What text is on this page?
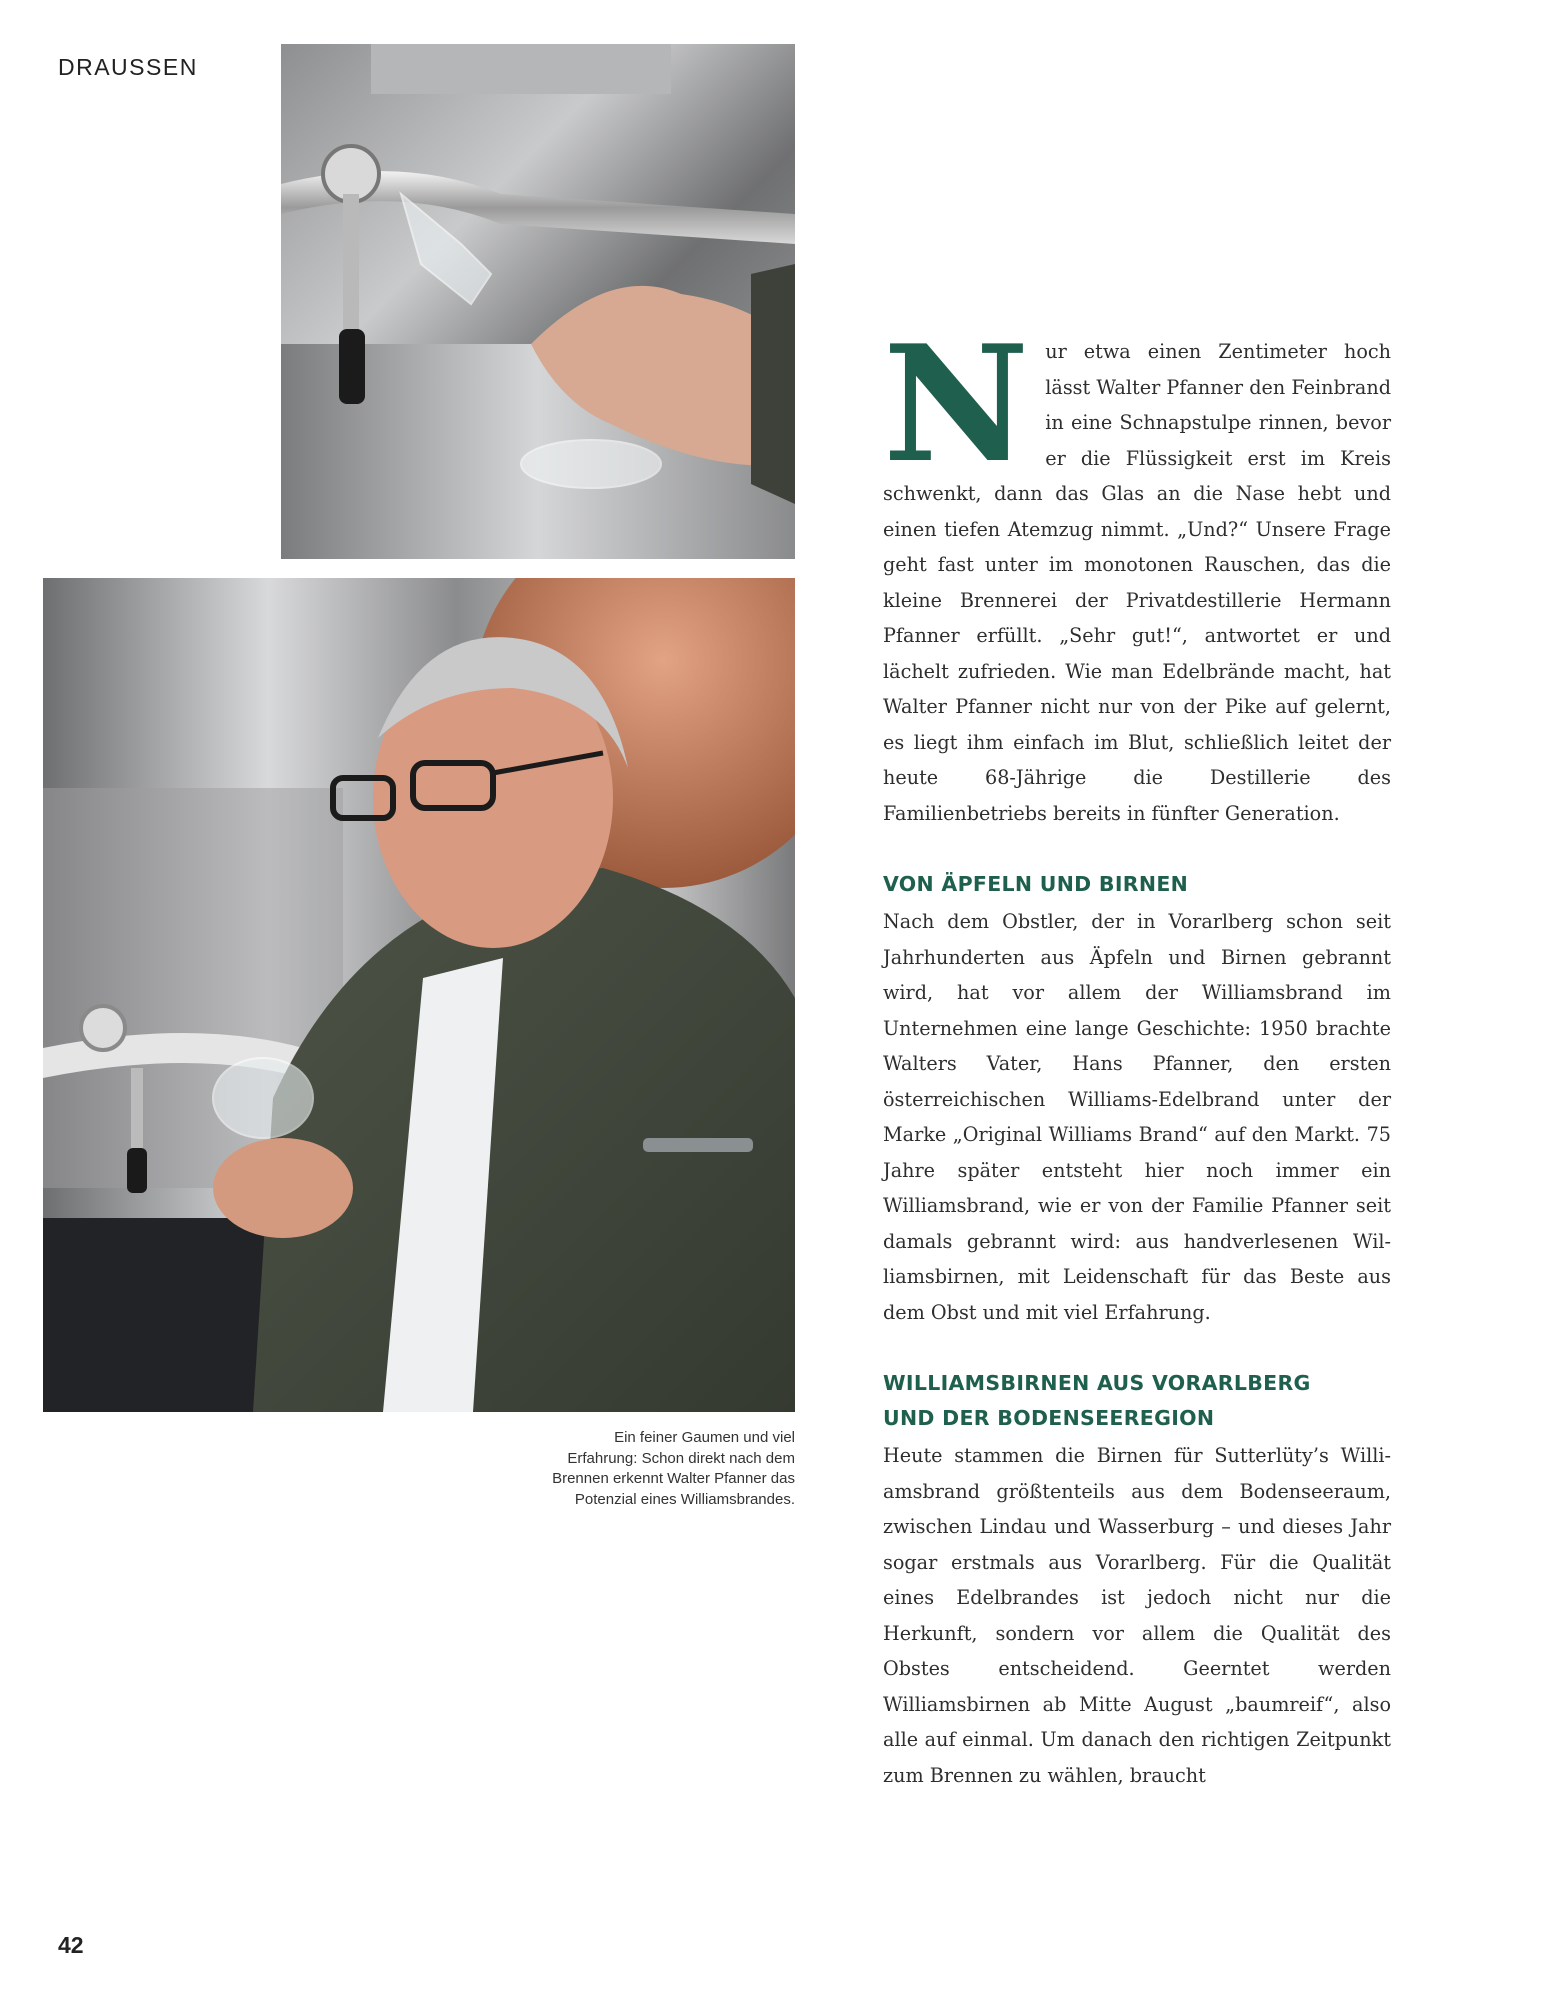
DRAUSSEN
Ein feiner Gaumen und viel Erfahrung: Schon direkt nach dem Brennen erkennt Walter Pfanner das Potenzial eines Williamsbrandes.

Nur etwa einen Zentimeter hoch lässt Walter Pfanner den Feinbrand in eine Schnapstulpe rinnen, bevor er die Flüssigkeit erst im Kreis schwenkt, dann das Glas an die Nase hebt und einen tiefen Atemzug nimmt. „Und?“ Unsere Frage geht fast unter im monotonen Rauschen, das die kleine Brennerei der Privatdestillerie Hermann Pfanner erfüllt. „Sehr gut!“, antwortet er und lächelt zufrieden. Wie man Edelbrände macht, hat Walter Pfanner nicht nur von der Pike auf gelernt, es liegt ihm einfach im Blut, schließlich leitet der heute 68-Jährige die Destillerie des Familienbetriebs bereits in fünfter Generation.

VON ÄPFELN UND BIRNEN

Nach dem Obstler, der in Vorarlberg schon seit Jahrhunderten aus Äpfeln und Birnen gebrannt wird, hat vor allem der Williamsbrand im Unternehmen eine lange Geschichte: 1950 brachte Walters Vater, Hans Pfanner, den ersten österreichischen Williams-Edelbrand unter der Marke „Original Williams Brand“ auf den Markt. 75 Jahre später entsteht hier noch immer ein Williamsbrand, wie er von der Familie Pfanner seit damals gebrannt wird: aus handverlesenen Williamsbirnen, mit Leidenschaft für das Beste aus dem Obst und mit viel Erfahrung.

WILLIAMSBIRNEN AUS VORARLBERG
UND DER BODENSEEREGION

Heute stammen die Birnen für Sutterlüty’s Williamsbrand größtenteils aus dem Bodenseeraum, zwischen Lindau und Wasserburg – und dieses Jahr sogar erstmals aus Vorarlberg. Für die Qualität eines Edelbrandes ist jedoch nicht nur die Herkunft, sondern vor allem die Qualität des Obstes entscheidend. Geerntet werden Williamsbirnen ab Mitte August „baumreif“, also alle auf einmal. Um danach den richtigen Zeitpunkt zum Brennen zu wählen, braucht

42
